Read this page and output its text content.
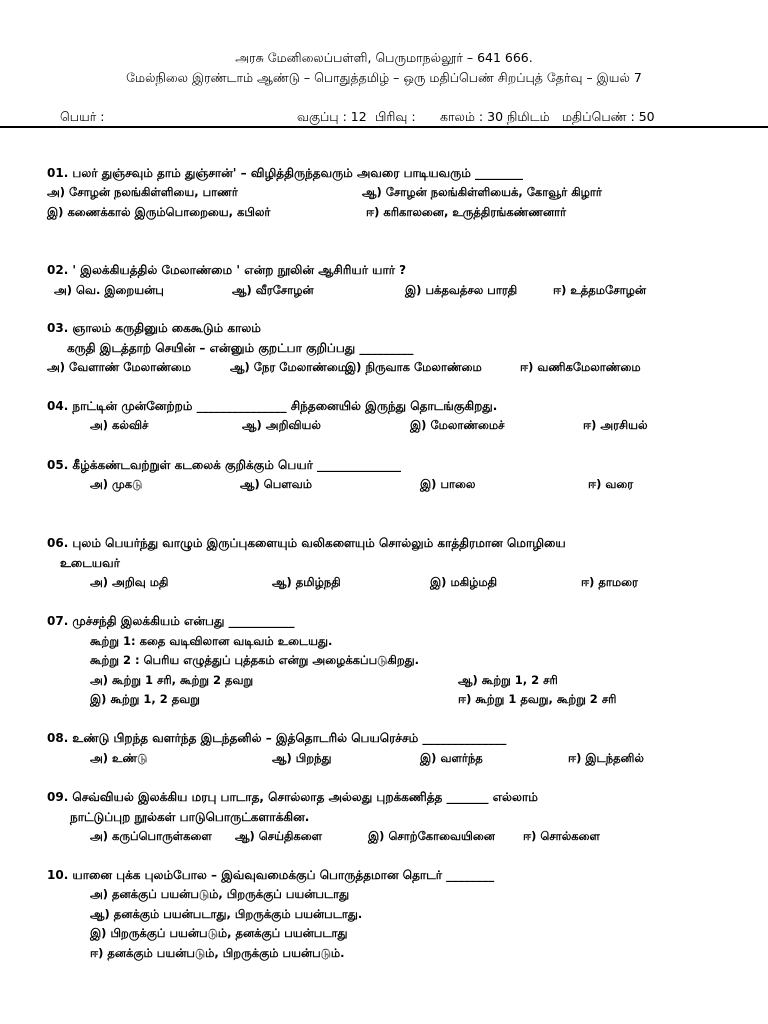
அரசு மேனிலைப்பள்ளி, பெருமாநல்லூர் – 641 666.
மேல்நிலை இரண்டாம் ஆண்டு – பொதுத்தமிழ் – ஒரு மதிப்பெண் சிறப்புத் தேர்வு – இயல் 7
பெயர் :	வகுப்பு : 12 பிரிவு : காலம் : 30 நிமிடம் மதிப்பெண் : 50
01. பலர் துஞ்சவும் தாம் துஞ்சான்' – விழித்திருந்தவரும் அவரை பாடியவரும் ________
அ) சோழன் நலங்கிள்ளியை, பாணர்	ஆ) சோழன் நலங்கிள்ளியைக், கோவூர் கிழார்
இ) கணைக்கால் இரும்பொறையை, கபிலர்	ஈ) கரிகாலனை, உருத்திரங்கண்ணனார்
02. ' இலக்கியத்தில் மேலாண்மை ' என்ற நூலின் ஆசிரியர் யார் ?
அ) வெ. இறையன்பு	ஆ) வீரசோழன்	இ) பக்தவத்சல பாரதி	ஈ) உத்தமசோழன்
03. ஞாலம் கருதினும் கைகூடும் காலம்
கருதி இடத்தாற் செயின் – என்னும் குறட்பா குறிப்பது _________
அ) வேளாண் மேலாண்மை	ஆ) நேர மேலாண்மை
இ) நிருவாக மேலாண்மை	ஈ) வணிகமேலாண்மை
04. நாட்டின் முன்னேற்றம் _______________ சிந்தனையில் இருந்து தொடங்குகிறது.
அ) கல்விச்	ஆ) அறிவியல்	இ) மேலாண்மைச்	ஈ) அரசியல்
05. கீழ்க்கண்டவற்றுள் கடலைக் குறிக்கும் பெயர் ______________
அ) முகடு	ஆ) பௌவம்	இ) பாலை	ஈ) வரை
06. புலம் பெயர்ந்து வாழும் இருப்புகளையும் வலிகளையும் சொல்லும் காத்திரமான மொழியை
உடையவர்
அ) அறிவு மதி	ஆ) தமிழ்நதி	இ) மகிழ்மதி	ஈ) தாமரை
07. முச்சந்தி இலக்கியம் என்பது ___________
கூற்று 1: கதை வடிவிலான வடிவம் உடையது.
கூற்று 2 : பெரிய எழுத்துப் புத்தகம் என்று அழைக்கப்படுகிறது.
அ) கூற்று 1 சரி, கூற்று 2 தவறு	ஆ) கூற்று 1, 2 சரி
இ) கூற்று 1, 2 தவறு	ஈ) கூற்று 1 தவறு, கூற்று 2 சரி
08. உண்டு பிறந்த வளர்ந்த இடந்தனில் – இத்தொடரில் பெயரெச்சம் ______________
அ) உண்டு	ஆ) பிறந்து	இ) வளர்ந்த	ஈ) இடந்தனில்
09. செவ்வியல் இலக்கிய மரபு பாடாத, சொல்லாத அல்லது புறக்கணித்த _______ எல்லாம்
நாட்டுப்புற நூல்கள் பாடுபொருட்களாக்கின.
அ) கருப்பொருள்களை ஆ) செய்திகளை	இ) சொற்கோவையினை ஈ) சொல்களை
10. யானை புக்க புலம்போல – இவ்வுவமைக்குப் பொருத்தமான தொடர் ________
அ) தனக்குப் பயன்படும், பிறருக்குப் பயன்படாது
ஆ) தனக்கும் பயன்படாது, பிறருக்கும் பயன்படாது.
இ) பிறருக்குப் பயன்படும், தனக்குப் பயன்படாது
ஈ) தனக்கும் பயன்படும், பிறருக்கும் பயன்படும்.
